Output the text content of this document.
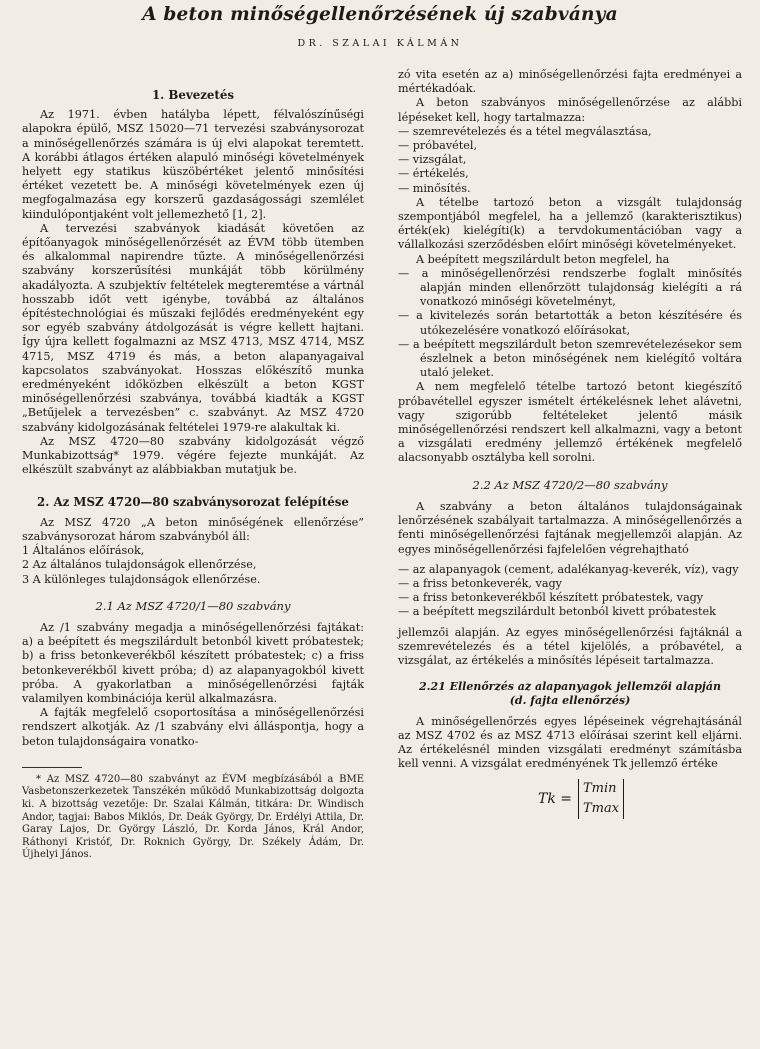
A beton minőségellenőrzésének új szabványa
DR. SZALAI KÁLMÁN
1. Bevezetés

Az 1971. évben hatályba lépett, félvalószínűségi alapokra épülő, MSZ 15020—71 tervezési szabványsorozat a minőségellenőrzés számára is új elvi alapokat teremtett. A korábbi átlagos értéken alapuló minőségi követelmények helyett egy statikus küszöbértéket jelentő minősítési értéket vezetett be. A minőségi követelmények ezen új megfogalmazása egy korszerű gazdaságossági szemlélet kiindulópontjaként volt jellemezhető [1, 2].

A tervezési szabványok kiadását követően az építőanyagok minőségellenőrzését az ÉVM több ütemben és alkalommal napirendre tűzte. A minőségellenőrzési szabvány korszerűsítési munkáját több körülmény akadályozta. A szubjektív feltételek megteremtése a vártnál hosszabb időt vett igénybe, továbbá az általános építéstechnológiai és műszaki fejlődés eredményeként egy sor egyéb szabvány átdolgozását is végre kellett hajtani. Így újra kellett fogalmazni az MSZ 4713, MSZ 4714, MSZ 4715, MSZ 4719 és más, a beton alapanyagaival kapcsolatos szabványokat. Hosszas előkészítő munka eredményeként időközben elkészült a beton KGST minőségellenőrzési szabványa, továbbá kiadták a KGST „Betűjelek a tervezésben” c. szabványt. Az MSZ 4720 szabvány kidolgozásának feltételei 1979-re alakultak ki.

Az MSZ 4720—80 szabvány kidolgozását végző Munkabizottság* 1979. végére fejezte munkáját. Az elkészült szabványt az alábbiakban mutatjuk be.

2. Az MSZ 4720—80 szabványsorozat felépítése

Az MSZ 4720 „A beton minőségének ellenőrzése” szabványsorozat három szabványból áll:

1 Általános előírások,
2 Az általános tulajdonságok ellenőrzése,
3 A különleges tulajdonságok ellenőrzése.
2.1 Az MSZ 4720/1—80 szabvány

Az /1 szabvány megadja a minőségellenőrzési fajtákat: a) a beépített és megszilárdult betonból kivett próbatestek; b) a friss betonkeverékből készített próbatestek; c) a friss betonkeverékből kivett próba; d) az alapanyagokból kivett próba. A gyakorlatban a minőségellenőrzési fajták valamilyen kombinációja kerül alkalmazásra.

A fajták megfelelő csoportosítása a minőségellenőrzési rendszert alkotják. Az /1 szabvány elvi álláspontja, hogy a beton tulajdonságaira vonatko-

* Az MSZ 4720—80 szabványt az ÉVM megbízásából a BME Vasbetonszerkezetek Tanszékén működő Munkabizottság dolgozta ki. A bizottság vezetője: Dr. Szalai Kálmán, titkára: Dr. Windisch Andor, tagjai: Babos Miklós, Dr. Deák György, Dr. Erdélyi Attila, Dr. Garay Lajos, Dr. György László, Dr. Korda János, Král Andor, Ráthonyi Kristóf, Dr. Roknich György, Dr. Székely Ádám, Dr. Újhelyi János.

zó vita esetén az a) minőségellenőrzési fajta eredményei a mértékadóak.

A beton szabványos minőségellenőrzése az alábbi lépéseket kell, hogy tartalmazza:

— szemrevételezés és a tétel megválasztása,
— próbavétel,
— vizsgálat,
— értékelés,
— minősítés.

A tételbe tartozó beton a vizsgált tulajdonság szempontjából megfelel, ha a jellemző (karakterisztikus) érték(ek) kielégíti(k) a tervdokumentációban vagy a vállalkozási szerződésben előírt minőségi követelményeket.

A beépített megszilárdult beton megfelel, ha

— a minőségellenőrzési rendszerbe foglalt minősítés alapján minden ellenőrzött tulajdonság kielégíti a rá vonatkozó minőségi követelményt,
— a kivitelezés során betartották a beton készítésére és utókezelésére vonatkozó előírásokat,
— a beépített megszilárdult beton szemrevételezésekor sem észlelnek a beton minőségének nem kielégítő voltára utaló jeleket.

A nem megfelelő tételbe tartozó betont kiegészítő próbavétellel egyszer ismételt értékelésnek lehet alávetni, vagy szigorúbb feltételeket jelentő másik minőségellenőrzési rendszert kell alkalmazni, vagy a betont a vizsgálati eredmény jellemző értékének megfelelő alacsonyabb osztályba kell sorolni.

2.2 Az MSZ 4720/2—80 szabvány

A szabvány a beton általános tulajdonságainak lenőrzésének szabályait tartalmazza. A minőségellenőrzés a fenti minőségellenőrzési fajtának megjellemzői alapján. Az egyes minőségellenőrzési fajfelelően végrehajtható

— az alapanyagok (cement, adalékanyag-keverék, víz), vagy
— a friss betonkeverék, vagy
— a friss betonkeverékből készített próbatestek, vagy
— a beépített megszilárdult betonból kivett próbatestek

jellemzői alapján. Az egyes minőségellenőrzési fajtáknál a szemrevételezés és a tétel kijelölés, a próbavétel, a vizsgálat, az értékelés a minősítés lépéseit tartalmazza.

2.21 Ellenőrzés az alapanyagok jellemzői alapján
(d. fajta ellenőrzés)

A minőségellenőrzés egyes lépéseinek végrehajtásánál az MSZ 4702 és az MSZ 4713 előírásai szerint kell eljárni. Az értékelésnél minden vizsgálati eredményt számításba kell venni. A vizsgálat eredményének Tk jellemző értéke

Tk =
Tmin
Tmax
